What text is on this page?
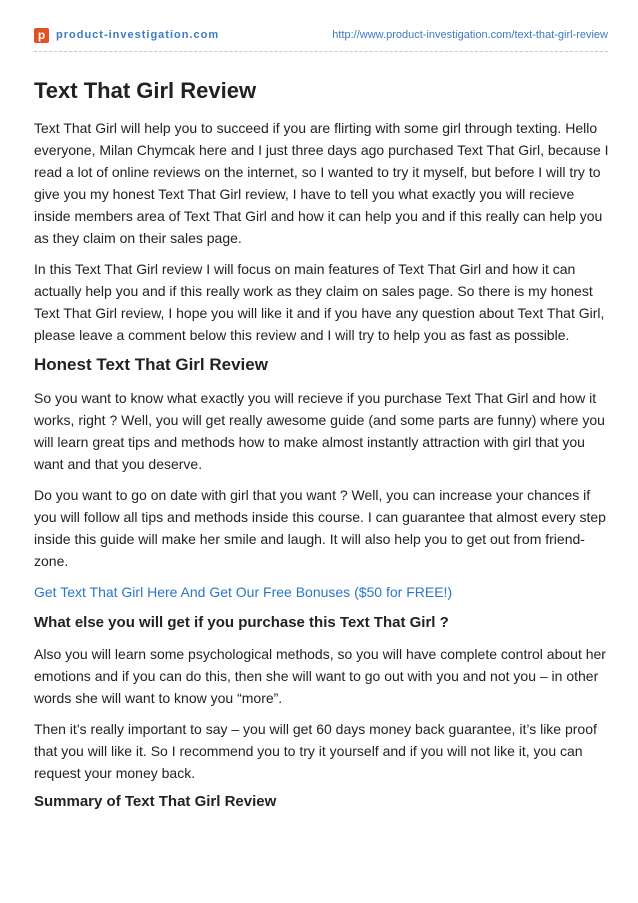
p product-investigation.com	http://www.product-investigation.com/text-that-girl-review
Text That Girl Review

Text That Girl will help you to succeed if you are flirting with some girl through texting. Hello everyone, Milan Chymcak here and I just three days ago purchased Text That Girl, because I read a lot of online reviews on the internet, so I wanted to try it myself, but before I will try to give you my honest Text That Girl review, I have to tell you what exactly you will recieve inside members area of Text That Girl and how it can help you and if this really can help you as they claim on their sales page.

In this Text That Girl review I will focus on main features of Text That Girl and how it can actually help you and if this really work as they claim on sales page. So there is my honest Text That Girl review, I hope you will like it and if you have any question about Text That Girl, please leave a comment below this review and I will try to help you as fast as possible.

Honest Text That Girl Review

So you want to know what exactly you will recieve if you purchase Text That Girl and how it works, right ? Well, you will get really awesome guide (and some parts are funny) where you will learn great tips and methods how to make almost instantly attraction with girl that you want and that you deserve.

Do you want to go on date with girl that you want ? Well, you can increase your chances if you will follow all tips and methods inside this course. I can guarantee that almost every step inside this guide will make her smile and laugh. It will also help you to get out from friend-zone.

Get Text That Girl Here And Get Our Free Bonuses ($50 for FREE!)
What else you will get if you purchase this Text That Girl ?

Also you will learn some psychological methods, so you will have complete control about her emotions and if you can do this, then she will want to go out with you and not you – in other words she will want to know you “more”.

Then it’s really important to say – you will get 60 days money back guarantee, it’s like proof that you will like it. So I recommend you to try it yourself and if you will not like it, you can request your money back.

Summary of Text That Girl Review
